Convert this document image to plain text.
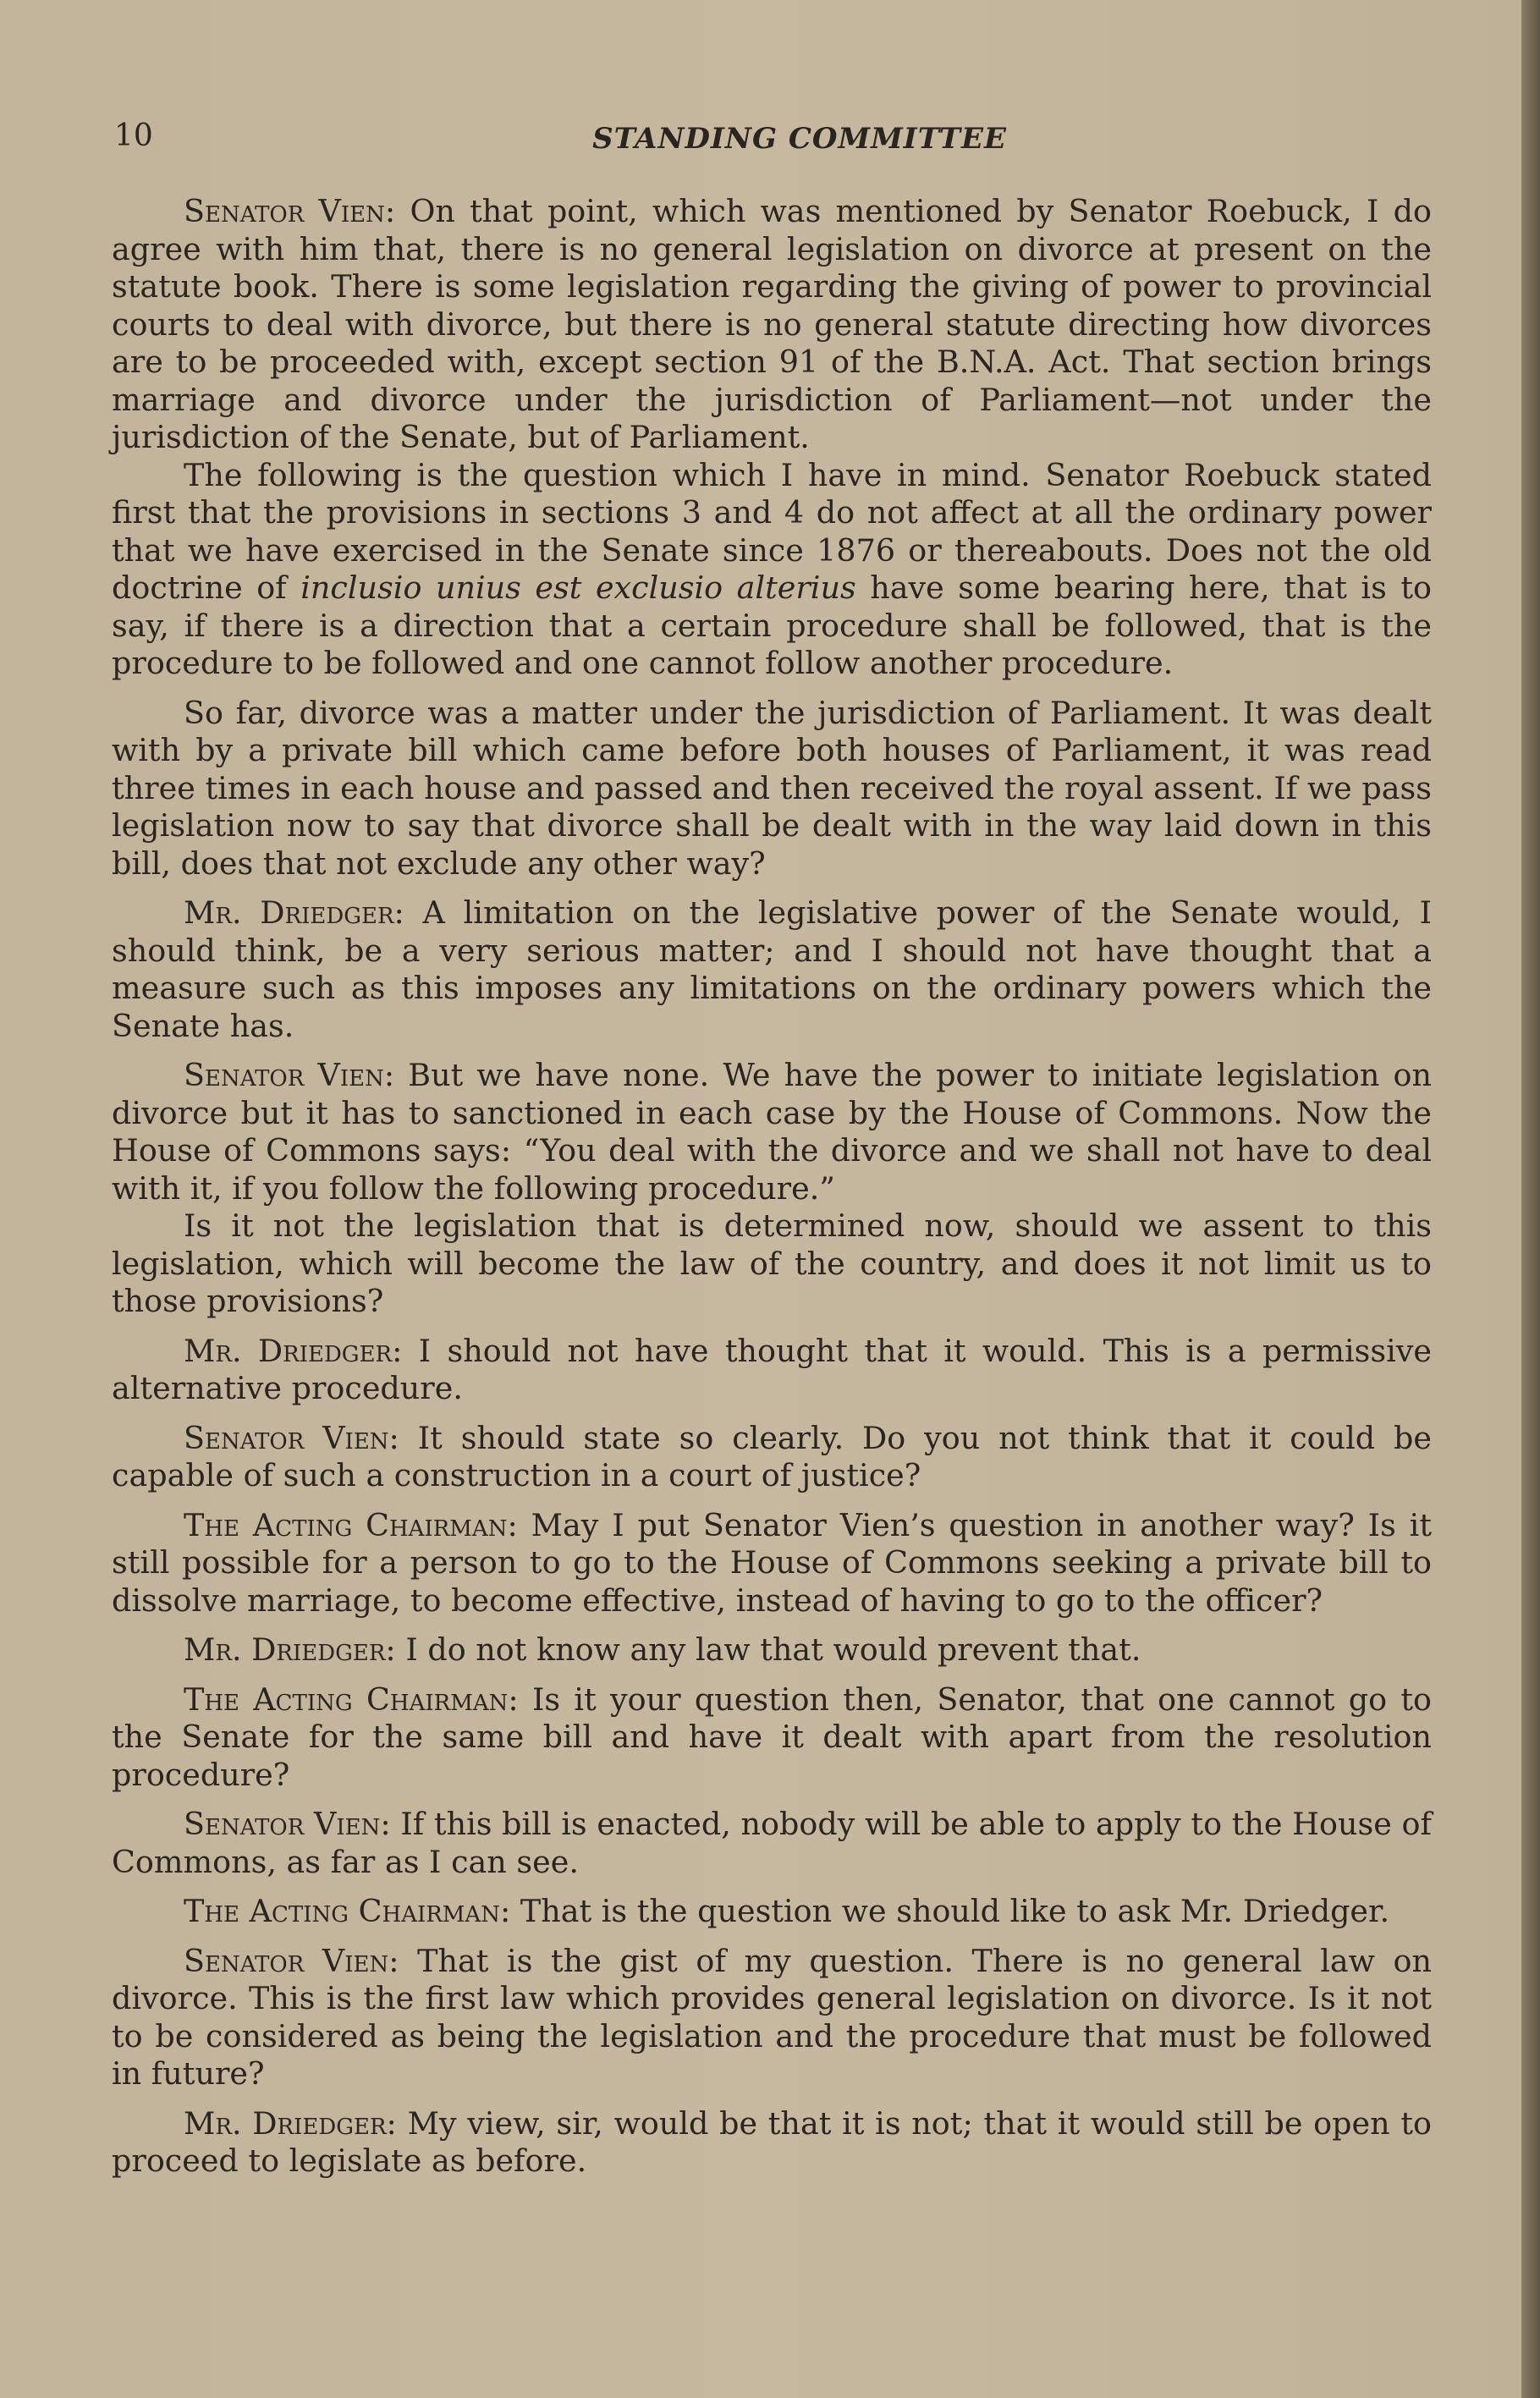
10	STANDING COMMITTEE

Senator Vien: On that point, which was mentioned by Senator Roebuck, I do agree with him that, there is no general legislation on divorce at present on the statute book. There is some legislation regarding the giving of power to provincial courts to deal with divorce, but there is no general statute directing how divorces are to be proceeded with, except section 91 of the B.N.A. Act. That section brings marriage and divorce under the jurisdiction of Parliament—not under the jurisdiction of the Senate, but of Parliament.

The following is the question which I have in mind. Senator Roebuck stated first that the provisions in sections 3 and 4 do not affect at all the ordinary power that we have exercised in the Senate since 1876 or thereabouts. Does not the old doctrine of inclusio unius est exclusio alterius have some bearing here, that is to say, if there is a direction that a certain procedure shall be followed, that is the procedure to be followed and one cannot follow another procedure.

So far, divorce was a matter under the jurisdiction of Parliament. It was dealt with by a private bill which came before both houses of Parliament, it was read three times in each house and passed and then received the royal assent. If we pass legislation now to say that divorce shall be dealt with in the way laid down in this bill, does that not exclude any other way?

Mr. Driedger: A limitation on the legislative power of the Senate would, I should think, be a very serious matter; and I should not have thought that a measure such as this imposes any limitations on the ordinary powers which the Senate has.

Senator Vien: But we have none. We have the power to initiate legislation on divorce but it has to sanctioned in each case by the House of Commons. Now the House of Commons says: “You deal with the divorce and we shall not have to deal with it, if you follow the following procedure.”

Is it not the legislation that is determined now, should we assent to this legislation, which will become the law of the country, and does it not limit us to those provisions?

Mr. Driedger: I should not have thought that it would. This is a permissive alternative procedure.

Senator Vien: It should state so clearly. Do you not think that it could be capable of such a construction in a court of justice?

The Acting Chairman: May I put Senator Vien’s question in another way? Is it still possible for a person to go to the House of Commons seeking a private bill to dissolve marriage, to become effective, instead of having to go to the officer?

Mr. Driedger: I do not know any law that would prevent that.

The Acting Chairman: Is it your question then, Senator, that one cannot go to the Senate for the same bill and have it dealt with apart from the resolution procedure?

Senator Vien: If this bill is enacted, nobody will be able to apply to the House of Commons, as far as I can see.

The Acting Chairman: That is the question we should like to ask Mr. Driedger.

Senator Vien: That is the gist of my question. There is no general law on divorce. This is the first law which provides general legislation on divorce. Is it not to be considered as being the legislation and the procedure that must be followed in future?

Mr. Driedger: My view, sir, would be that it is not; that it would still be open to proceed to legislate as before.
